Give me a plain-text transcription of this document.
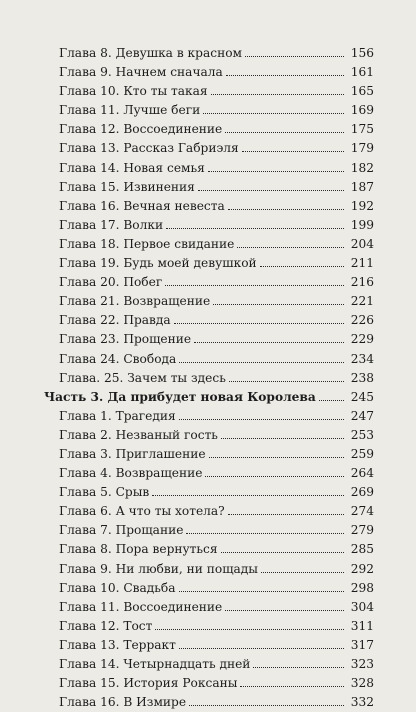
Глава 8. Девушка в красном	156
Глава 9. Начнем сначала	161
Глава 10. Кто ты такая	165
Глава 11. Лучше беги	169
Глава 12. Воссоединение	175
Глава 13. Рассказ Габриэля	179
Глава 14. Новая семья	182
Глава 15. Извинения	187
Глава 16. Вечная невеста	192
Глава 17. Волки	199
Глава 18. Первое свидание	204
Глава 19. Будь моей девушкой	211
Глава 20. Побег	216
Глава 21. Возвращение	221
Глава 22. Правда	226
Глава 23. Прощение	229
Глава 24. Свобода	234
Глава. 25. Зачем ты здесь	238
Часть 3. Да прибудет новая Королева	245
Глава 1. Трагедия	247
Глава 2. Незваный гость	253
Глава 3. Приглашение	259
Глава 4. Возвращение	264
Глава 5. Срыв	269
Глава 6. А что ты хотела?	274
Глава 7. Прощание	279
Глава 8. Пора вернуться	285
Глава 9. Ни любви, ни пощады	292
Глава 10. Свадьба	298
Глава 11. Воссоединение	304
Глава 12. Тост	311
Глава 13. Терракт	317
Глава 14. Четырнадцать дней	323
Глава 15. История Роксаны	328
Глава 16. В Измире	332
